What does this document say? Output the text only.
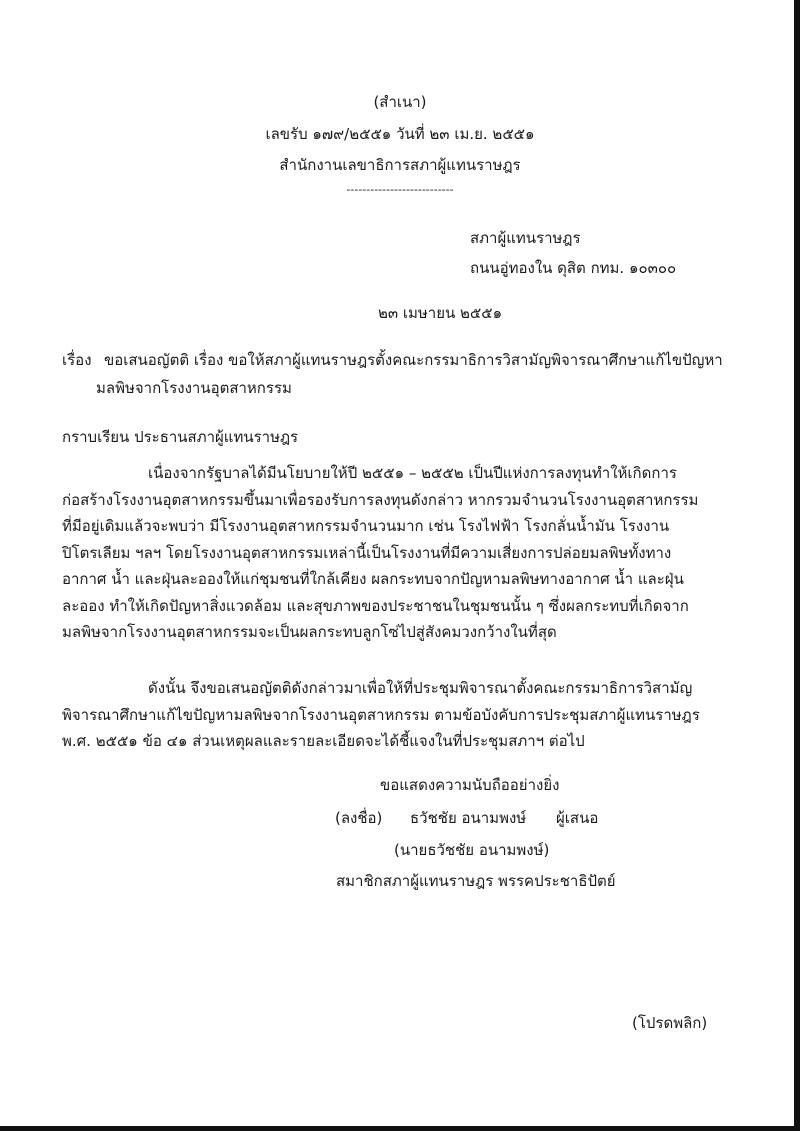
(สำเนา)
เลขรับ ๑๗๙/๒๕๕๑ วันที่ ๒๓ เม.ย. ๒๕๕๑
สำนักงานเลขาธิการสภาผู้แทนราษฎร
---------------------------
สภาผู้แทนราษฎร
ถนนอู่ทองใน ดุสิต กทม. ๑๐๓๐๐
๒๓ เมษายน ๒๕๕๑
เรื่อง ขอเสนอญัตติ เรื่อง ขอให้สภาผู้แทนราษฎรตั้งคณะกรรมาธิการวิสามัญพิจารณาศึกษาแก้ไขปัญหา
มลพิษจากโรงงานอุตสาหกรรม
กราบเรียน ประธานสภาผู้แทนราษฎร
เนื่องจากรัฐบาลได้มีนโยบายให้ปี ๒๕๕๑ – ๒๕๕๒ เป็นปีแห่งการลงทุนทำให้เกิดการก่อสร้างโรงงานอุตสาหกรรมขึ้นมาเพื่อรองรับการลงทุนดังกล่าว หากรวมจำนวนโรงงานอุตสาหกรรมที่มีอยู่เดิมแล้วจะพบว่า มีโรงงานอุตสาหกรรมจำนวนมาก เช่น โรงไฟฟ้า โรงกลั่นน้ำมัน โรงงานปิโตรเลียม ฯลฯ โดยโรงงานอุตสาหกรรมเหล่านี้เป็นโรงงานที่มีความเสี่ยงการปล่อยมลพิษทั้งทางอากาศ น้ำ และฝุ่นละอองให้แก่ชุมชนที่ใกล้เคียง ผลกระทบจากปัญหามลพิษทางอากาศ น้ำ และฝุ่นละออง ทำให้เกิดปัญหาสิ่งแวดล้อม และสุขภาพของประชาชนในชุมชนนั้น ๆ ซึ่งผลกระทบที่เกิดจากมลพิษจากโรงงานอุตสาหกรรมจะเป็นผลกระทบลูกโซ่ไปสู่สังคมวงกว้างในที่สุด
ดังนั้น จึงขอเสนอญัตติดังกล่าวมาเพื่อให้ที่ประชุมพิจารณาตั้งคณะกรรมาธิการวิสามัญพิจารณาศึกษาแก้ไขปัญหามลพิษจากโรงงานอุตสาหกรรม ตามข้อบังคับการประชุมสภาผู้แทนราษฎร พ.ศ. ๒๕๕๑ ข้อ ๔๑ ส่วนเหตุผลและรายละเอียดจะได้ชี้แจงในที่ประชุมสภาฯ ต่อไป
ขอแสดงความนับถืออย่างยิ่ง
(ลงชื่อ) ธวัชชัย อนามพงษ์ ผู้เสนอ
(นายธวัชชัย อนามพงษ์)
สมาชิกสภาผู้แทนราษฎร พรรคประชาธิปัตย์
(โปรดพลิก)
